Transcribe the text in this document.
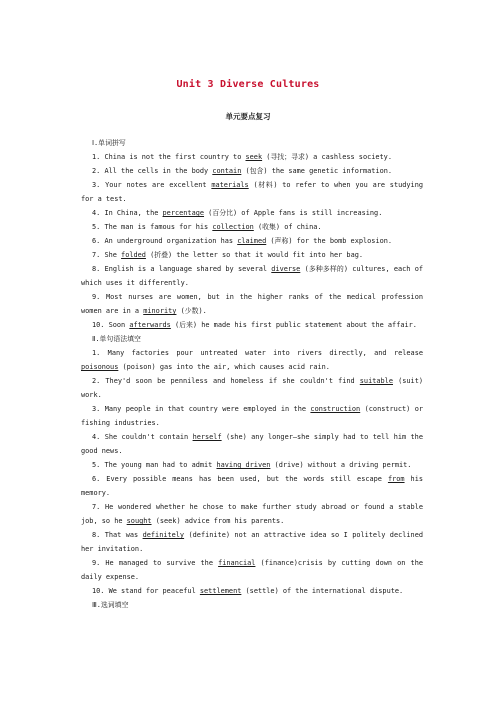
Unit 3 Diverse Cultures
单元要点复习
Ⅰ.单词拼写
1. China is not the first country to seek (寻找；寻求) a cashless society.
2. All the cells in the body contain (包含) the same genetic information.
3. Your notes are excellent materials (材料) to refer to when you are studying for a test.
4. In China, the percentage (百分比) of Apple fans is still increasing.
5. The man is famous for his collection (收集) of china.
6. An underground organization has claimed (声称) for the bomb explosion.
7. She folded (折叠) the letter so that it would fit into her bag.
8. English is a language shared by several diverse (多种多样的) cultures, each of which uses it differently.
9. Most nurses are women, but in the higher ranks of the medical profession women are in a minority (少数).
10. Soon afterwards (后来) he made his first public statement about the affair.
Ⅱ.单句语法填空
1. Many factories pour untreated water into rivers directly, and release poisonous (poison) gas into the air, which causes acid rain.
2. They'd soon be penniless and homeless if she couldn't find suitable (suit) work.
3. Many people in that country were employed in the construction (construct) or fishing industries.
4. She couldn't contain herself (she) any longer—she simply had to tell him the good news.
5. The young man had to admit having driven (drive) without a driving permit.
6. Every possible means has been used, but the words still escape from his memory.
7. He wondered whether he chose to make further study abroad or found a stable job, so he sought (seek) advice from his parents.
8. That was definitely (definite) not an attractive idea so I politely declined her invitation.
9. He managed to survive the financial (finance)crisis by cutting down on the daily expense.
10. We stand for peaceful settlement (settle) of the international dispute.
Ⅲ.选词填空
